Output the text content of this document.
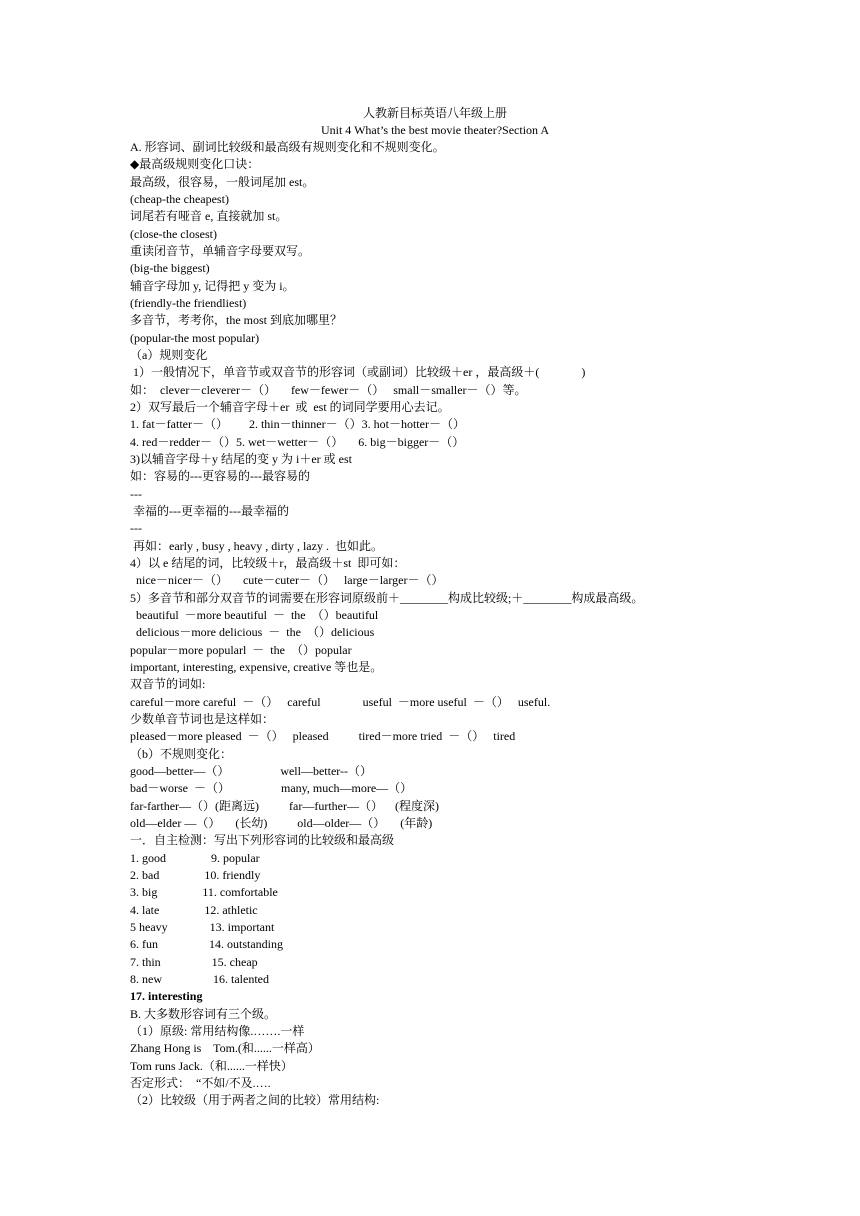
人教新目标英语八年级上册
Unit 4 What’s the best movie theater?Section A
A. 形容词、副词比较级和最高级有规则变化和不规则变化。
◆最高级规则变化口诀：
最高级，很容易，一般词尾加 est。
(cheap-the cheapest)
词尾若有哑音 e, 直接就加 st。
(close-the closest)
重读闭音节，单辅音字母要双写。
(big-the biggest)
辅音字母加 y, 记得把 y 变为 i。
(friendly-the friendliest)
多音节，考考你，the most 到底加哪里？
(popular-the most popular)
（a）规则变化
1）一般情况下，单音节或双音节的形容词（或副词）比较级＋er ，最高级＋(              )
如：  clever－cleverer－（）     few－fewer－（）   small－smaller－（）等。
2）双写最后一个辅音字母＋er  或  est 的词同学要用心去记。
1. fat－fatter－（）       2. thin－thinner－（）3. hot－hotter－（）
4. red－redder－（）5. wet－wetter－（）     6. big－bigger－（）
3)以辅音字母＋y 结尾的变 y 为 i＋er 或 est
如：容易的---更容易的---最容易的
---
幸福的---更幸福的---最幸福的
---
再如：early , busy , heavy , dirty , lazy .  也如此。
4）以 e 结尾的词，比较级＋r，最高级＋st  即可如：
nice－nicer－（）     cute－cuter－（）   large－larger－（）
5）多音节和部分双音节的词需要在形容词原级前＋________构成比较级;＋________构成最高级。
beautiful  －more beautiful  －  the  （）beautiful
delicious－more delicious  －  the  （）delicious
popular－more popularl  －  the  （）popular
important, interesting, expensive, creative 等也是。
双音节的词如:
careful－more careful  －（）   careful              useful  －more useful  －（）   useful.
少数单音节词也是这样如：
pleased－more pleased  －（）   pleased          tired－more tried  －（）   tired
（b）不规则变化：
good—better—（）                 well—better--（）
bad－worse  －（）                 many, much—more—（）
far-farther—（）(距离远)          far—further—（）    (程度深)
old—elder —（）     (长幼)          old—older—（）     (年龄)
一．自主检测：写出下列形容词的比较级和最高级
1. good               9. popular
2. bad               10. friendly
3. big               11. comfortable
4. late               12. athletic
5 heavy              13. important
6. fun                 14. outstanding
7. thin                 15. cheap
8. new                 16. talented
17. interesting
B. 大多数形容词有三个级。
（1）原级: 常用结构像.…….一样
Zhang Hong is    Tom.(和......一样高）
Tom runs Jack.（和......一样快）
否定形式：  “不如/不及.….
（2）比较级（用于两者之间的比较）常用结构:
